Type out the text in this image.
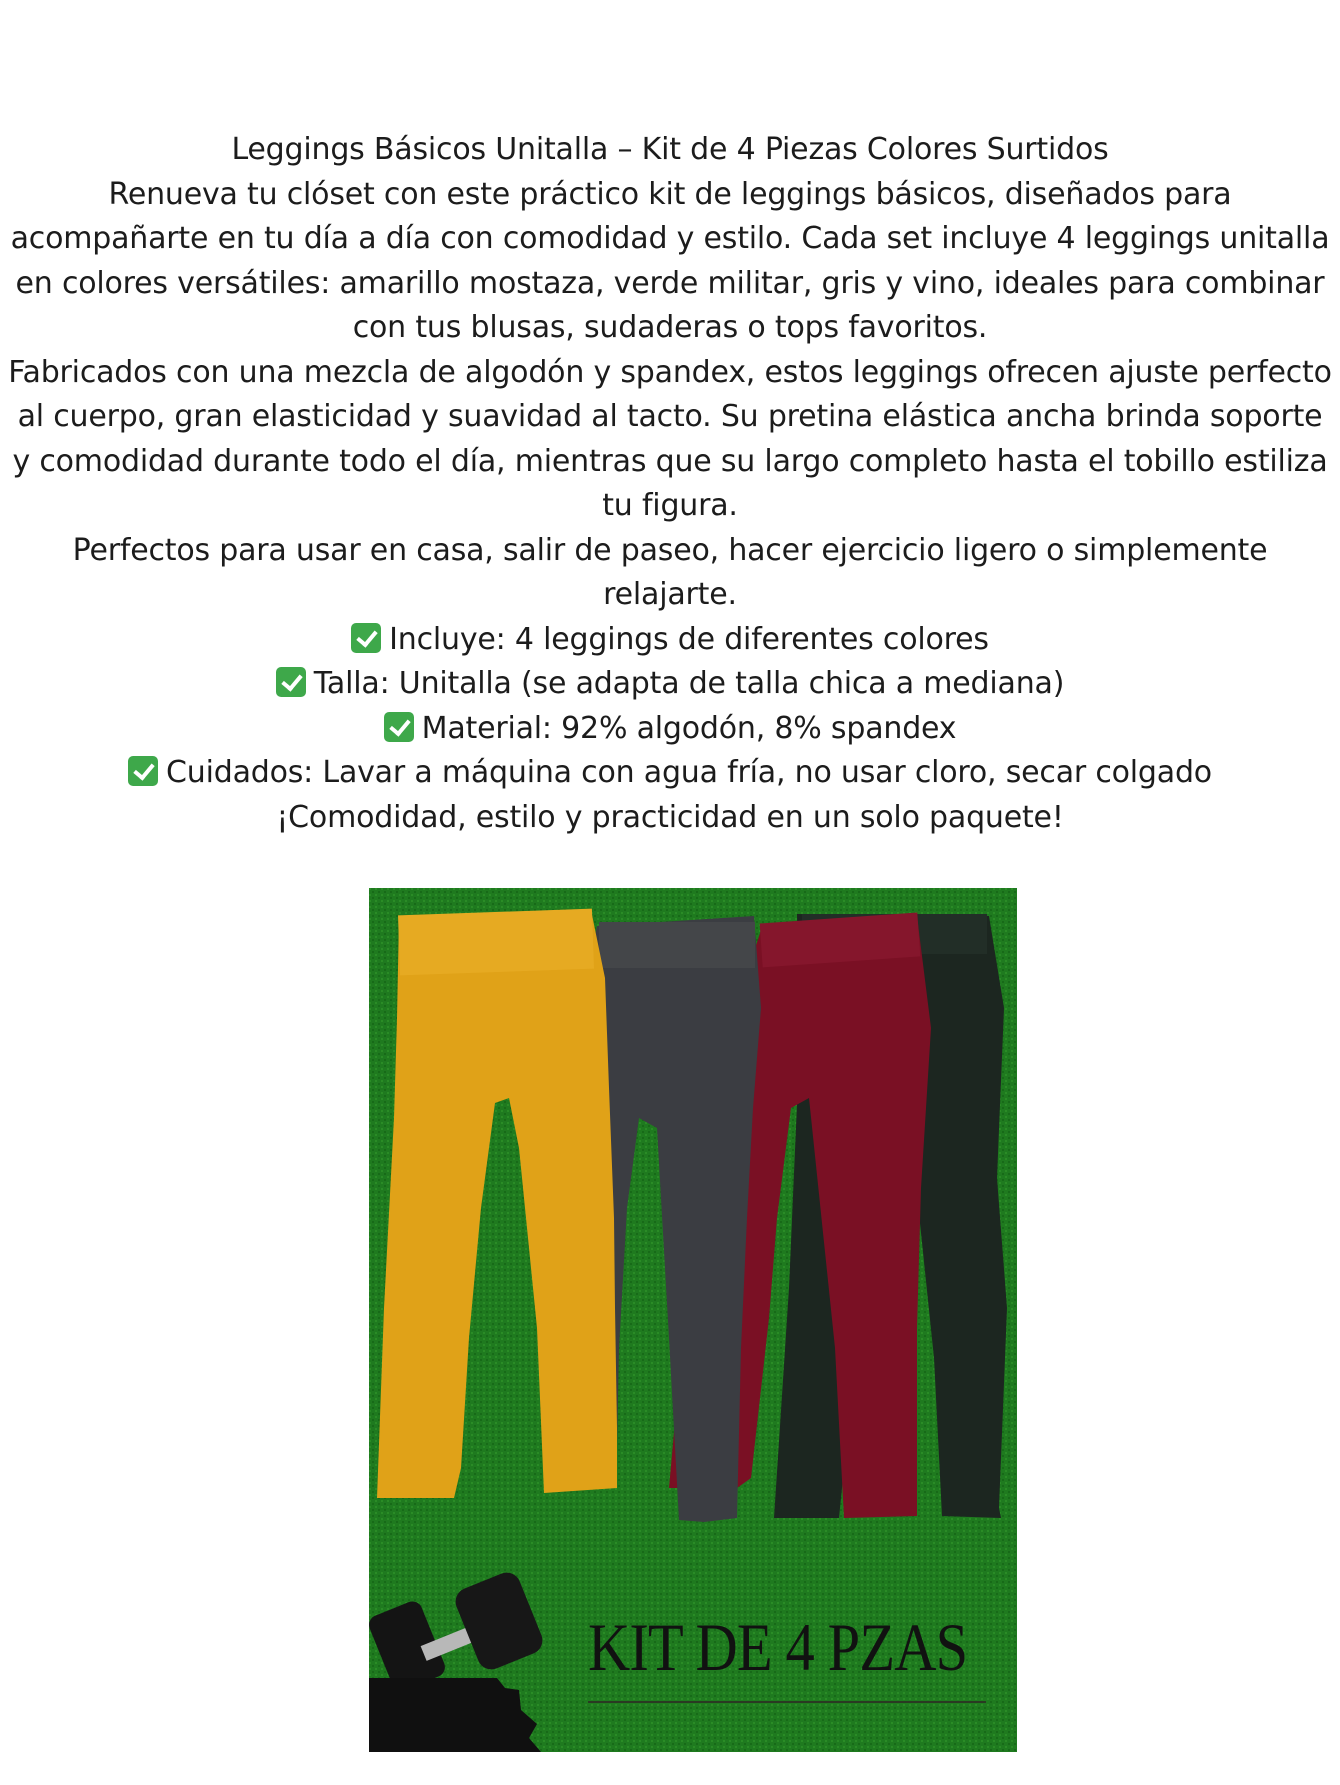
Leggings Básicos Unitalla – Kit de 4 Piezas Colores Surtidos

Renueva tu clóset con este práctico kit de leggings básicos, diseñados para acompañarte en tu día a día con comodidad y estilo. Cada set incluye 4 leggings unitalla en colores versátiles: amarillo mostaza, verde militar, gris y vino, ideales para combinar con tus blusas, sudaderas o tops favoritos.

Fabricados con una mezcla de algodón y spandex, estos leggings ofrecen ajuste perfecto al cuerpo, gran elasticidad y suavidad al tacto. Su pretina elástica ancha brinda soporte y comodidad durante todo el día, mientras que su largo completo hasta el tobillo estiliza tu figura.

Perfectos para usar en casa, salir de paseo, hacer ejercicio ligero o simplemente relajarte.

Incluye: 4 leggings de diferentes colores

Talla: Unitalla (se adapta de talla chica a mediana)

Material: 92% algodón, 8% spandex

Cuidados: Lavar a máquina con agua fría, no usar cloro, secar colgado

¡Comodidad, estilo y practicidad en un solo paquete!

KIT DE 4 PZAS
